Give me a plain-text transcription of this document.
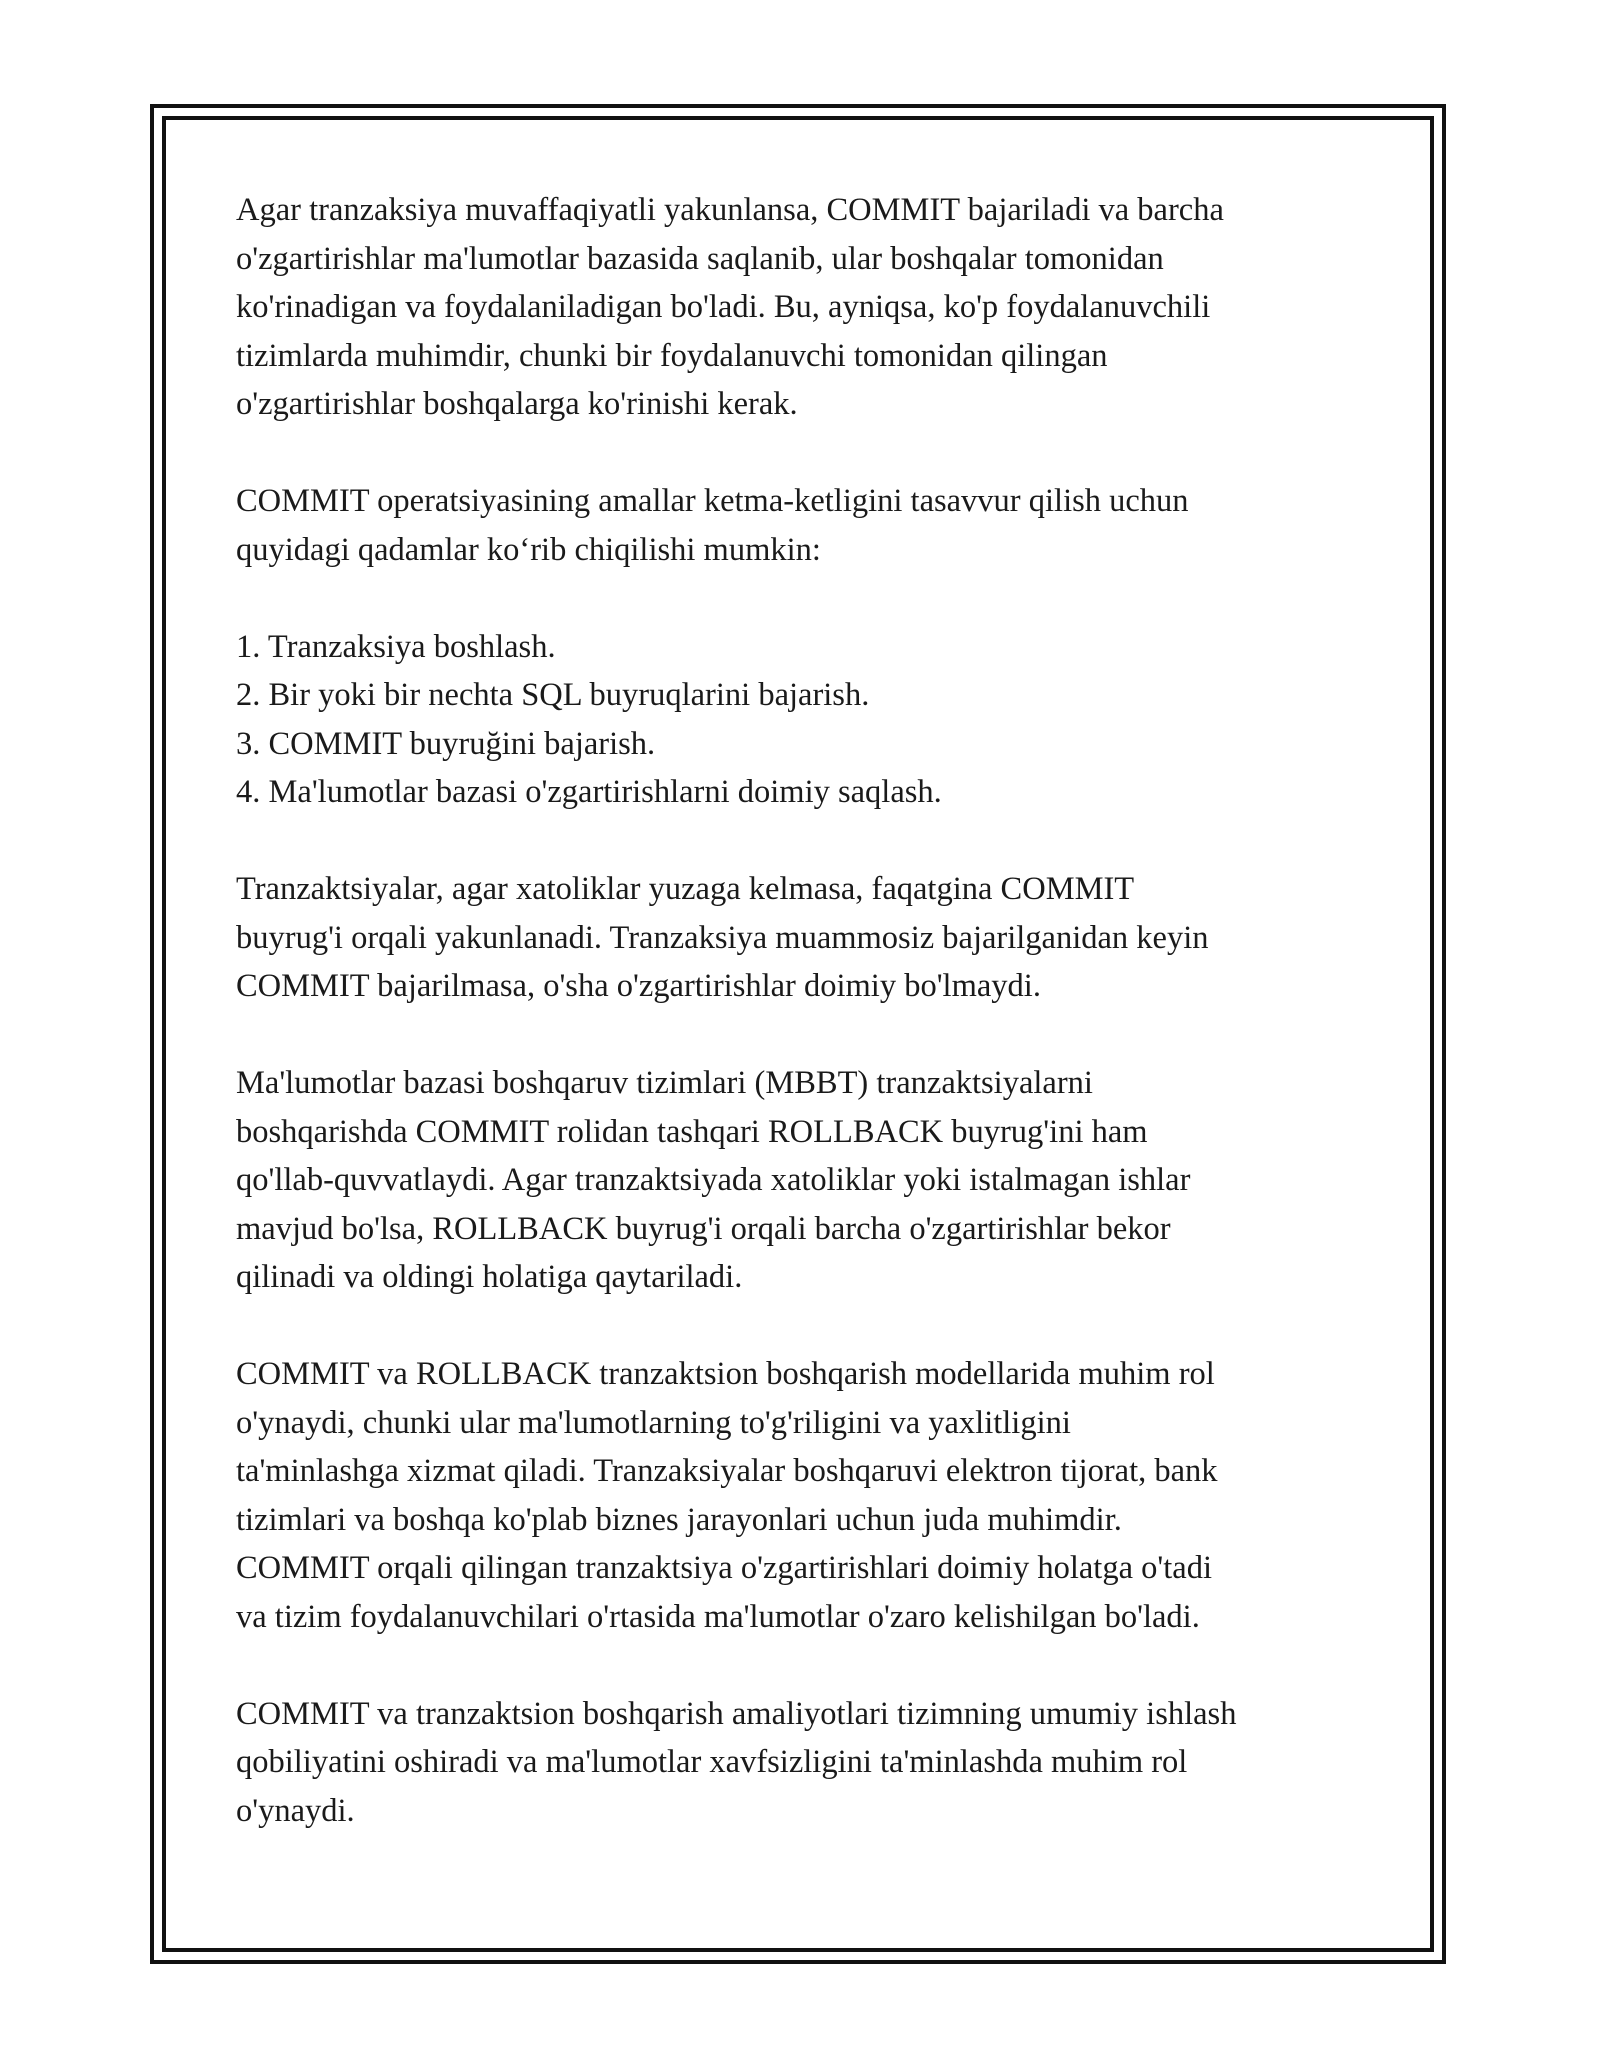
Agar tranzaksiya muvaffaqiyatli yakunlansa, COMMIT bajariladi va barcha
o'zgartirishlar ma'lumotlar bazasida saqlanib, ular boshqalar tomonidan
ko'rinadigan va foydalaniladigan bo'ladi. Bu, ayniqsa, ko'p foydalanuvchili
tizimlarda muhimdir, chunki bir foydalanuvchi tomonidan qilingan
o'zgartirishlar boshqalarga ko'rinishi kerak.

COMMIT operatsiyasining amallar ketma-ketligini tasavvur qilish uchun
quyidagi qadamlar koʻrib chiqilishi mumkin:

1. Tranzaksiya boshlash.
2. Bir yoki bir nechta SQL buyruqlarini bajarish.
3. COMMIT buyruğini bajarish.
4. Ma'lumotlar bazasi o'zgartirishlarni doimiy saqlash.

Tranzaktsiyalar, agar xatoliklar yuzaga kelmasa, faqatgina COMMIT
buyrug'i orqali yakunlanadi. Tranzaksiya muammosiz bajarilganidan keyin
COMMIT bajarilmasa, o'sha o'zgartirishlar doimiy bo'lmaydi.

Ma'lumotlar bazasi boshqaruv tizimlari (MBBT) tranzaktsiyalarni
boshqarishda COMMIT rolidan tashqari ROLLBACK buyrug'ini ham
qo'llab-quvvatlaydi. Agar tranzaktsiyada xatoliklar yoki istalmagan ishlar
mavjud bo'lsa, ROLLBACK buyrug'i orqali barcha o'zgartirishlar bekor
qilinadi va oldingi holatiga qaytariladi.

COMMIT va ROLLBACK tranzaktsion boshqarish modellarida muhim rol
o'ynaydi, chunki ular ma'lumotlarning to'g'riligini va yaxlitligini
ta'minlashga xizmat qiladi. Tranzaksiyalar boshqaruvi elektron tijorat, bank
tizimlari va boshqa ko'plab biznes jarayonlari uchun juda muhimdir.
COMMIT orqali qilingan tranzaktsiya o'zgartirishlari doimiy holatga o'tadi
va tizim foydalanuvchilari o'rtasida ma'lumotlar o'zaro kelishilgan bo'ladi.

COMMIT va tranzaktsion boshqarish amaliyotlari tizimning umumiy ishlash
qobiliyatini oshiradi va ma'lumotlar xavfsizligini ta'minlashda muhim rol
o'ynaydi.
